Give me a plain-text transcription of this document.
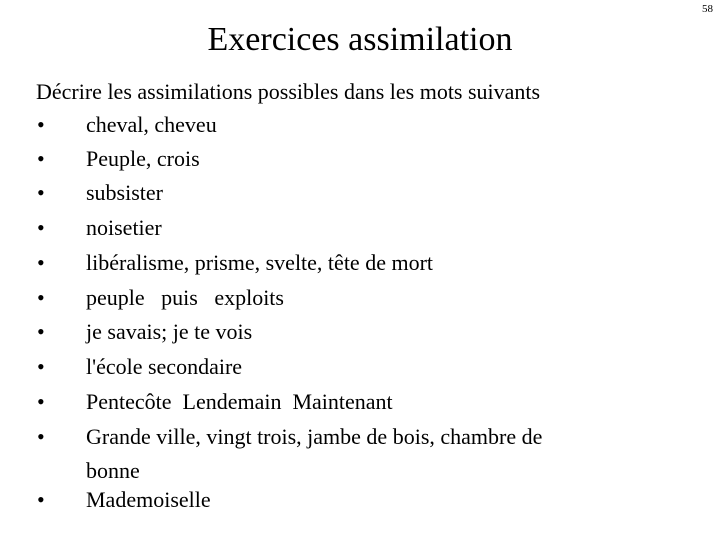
58
Exercices assimilation

Décrire les assimilations possibles dans les mots suivants

• cheval, cheveu
• Peuple, crois
• subsister
• noisetier
• libéralisme, prisme, svelte, tête de mort
• peuple   puis   exploits
• je savais; je te vois
• l'école secondaire
• Pentecôte  Lendemain  Maintenant
• Grande ville, vingt trois, jambe de bois, chambre de bonne
• Mademoiselle
